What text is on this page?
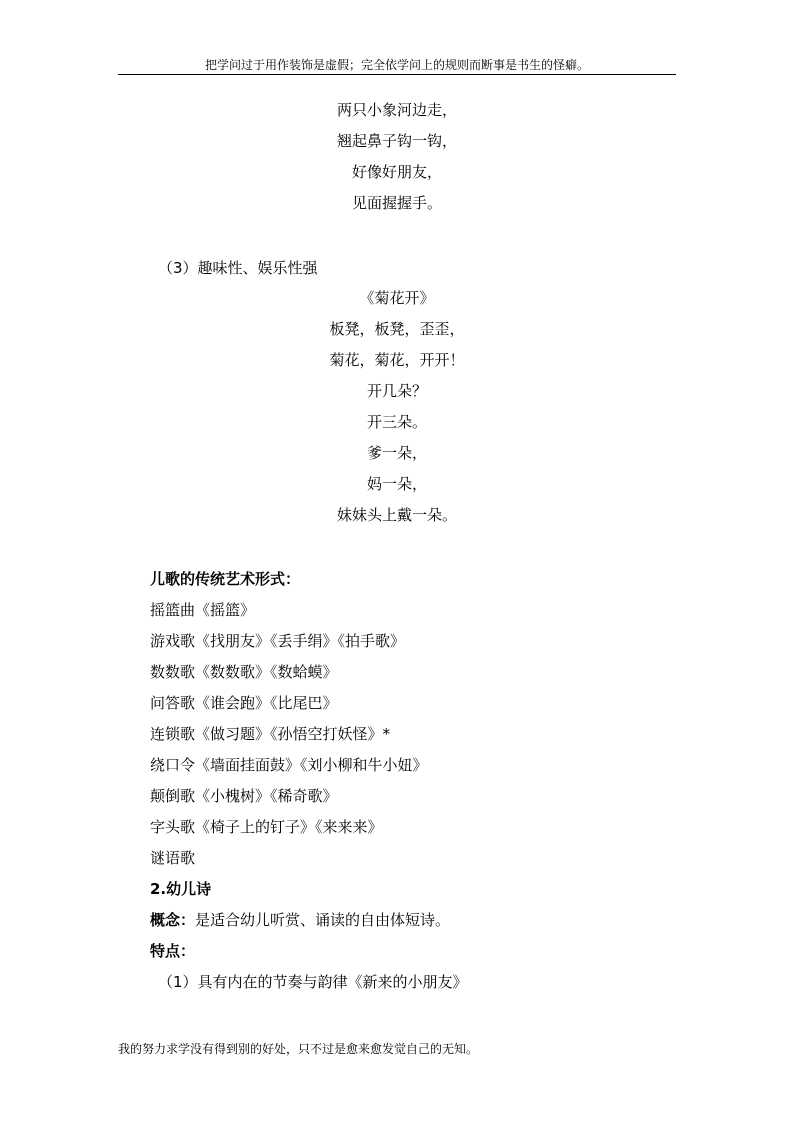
把学问过于用作装饰是虚假；完全依学问上的规则而断事是书生的怪癖。
两只小象河边走，
翘起鼻子钩一钩，
好像好朋友，
见面握握手。
（3）趣味性、娱乐性强
《菊花开》
板凳，板凳，歪歪，
菊花，菊花，开开！
开几朵？
开三朵。
爹一朵，
妈一朵，
妹妹头上戴一朵。
儿歌的传统艺术形式：
摇篮曲《摇篮》
游戏歌《找朋友》《丢手绢》《拍手歌》
数数歌《数数歌》《数蛤蟆》
问答歌《谁会跑》《比尾巴》
连锁歌《做习题》《孙悟空打妖怪》*
绕口令《墙面挂面鼓》《刘小柳和牛小妞》
颠倒歌《小槐树》《稀奇歌》
字头歌《椅子上的钉子》《来来来》
谜语歌
2.幼儿诗
概念：是适合幼儿听赏、诵读的自由体短诗。
特点：
（1）具有内在的节奏与韵律《新来的小朋友》
我的努力求学没有得到别的好处，只不过是愈来愈发觉自己的无知。
